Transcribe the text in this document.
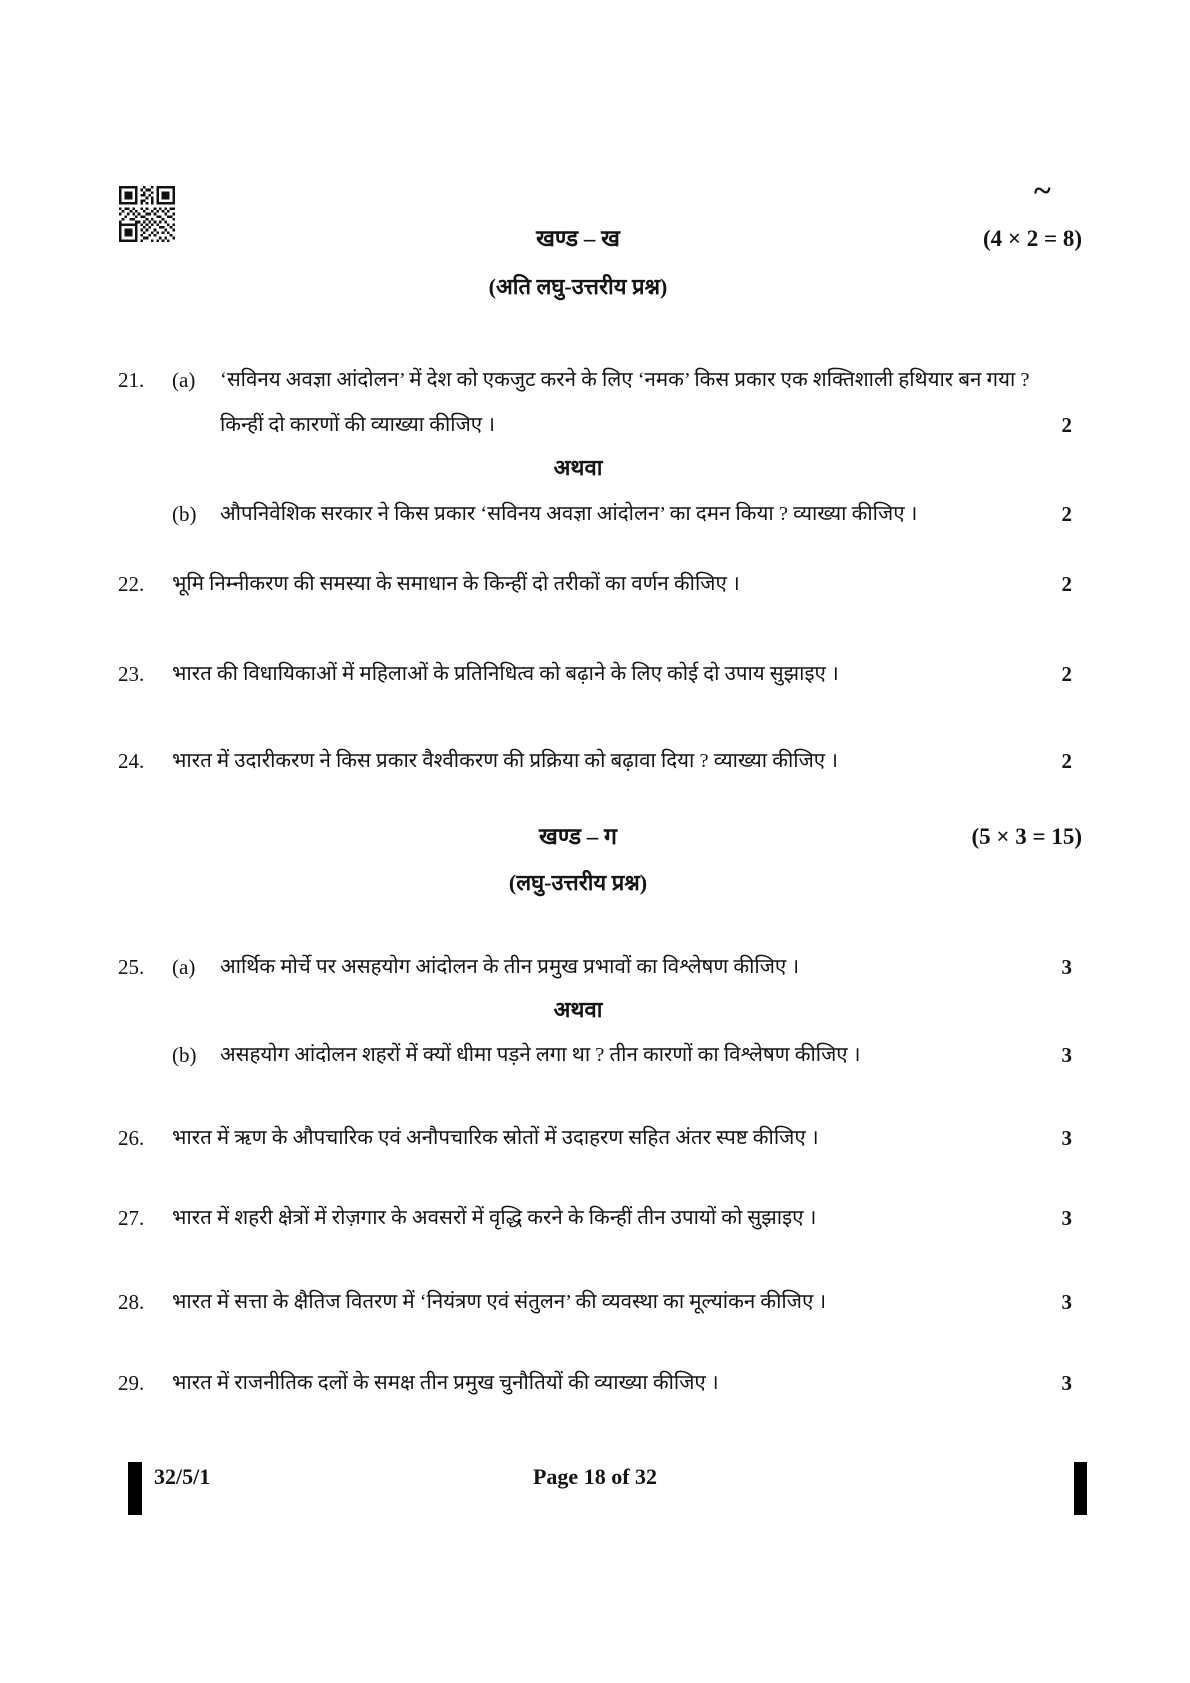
~
खण्ड – ख	(4 × 2 = 8)
(अति लघु-उत्तरीय प्रश्न)
21.	(a)	‘सविनय अवज्ञा आंदोलन’ में देश को एकजुट करने के लिए ‘नमक’ किस प्रकार एक शक्तिशाली हथियार बन गया ? किन्हीं दो कारणों की व्याख्या कीजिए ।	2
अथवा
(b)	औपनिवेशिक सरकार ने किस प्रकार ‘सविनय अवज्ञा आंदोलन’ का दमन किया ? व्याख्या कीजिए ।	2
22.	भूमि निम्नीकरण की समस्या के समाधान के किन्हीं दो तरीकों का वर्णन कीजिए ।	2
23.	भारत की विधायिकाओं में महिलाओं के प्रतिनिधित्व को बढ़ाने के लिए कोई दो उपाय सुझाइए ।	2
24.	भारत में उदारीकरण ने किस प्रकार वैश्वीकरण की प्रक्रिया को बढ़ावा दिया ? व्याख्या कीजिए ।	2
खण्ड – ग	(5 × 3 = 15)
(लघु-उत्तरीय प्रश्न)
25.	(a)	आर्थिक मोर्चे पर असहयोग आंदोलन के तीन प्रमुख प्रभावों का विश्लेषण कीजिए ।	3
अथवा
(b)	असहयोग आंदोलन शहरों में क्यों धीमा पड़ने लगा था ? तीन कारणों का विश्लेषण कीजिए ।	3
26.	भारत में ऋण के औपचारिक एवं अनौपचारिक स्रोतों में उदाहरण सहित अंतर स्पष्ट कीजिए ।	3
27.	भारत में शहरी क्षेत्रों में रोज़गार के अवसरों में वृद्धि करने के किन्हीं तीन उपायों को सुझाइए ।	3
28.	भारत में सत्ता के क्षैतिज वितरण में ‘नियंत्रण एवं संतुलन’ की व्यवस्था का मूल्यांकन कीजिए ।	3
29.	भारत में राजनीतिक दलों के समक्ष तीन प्रमुख चुनौतियों की व्याख्या कीजिए ।	3
32/5/1	Page 18 of 32
